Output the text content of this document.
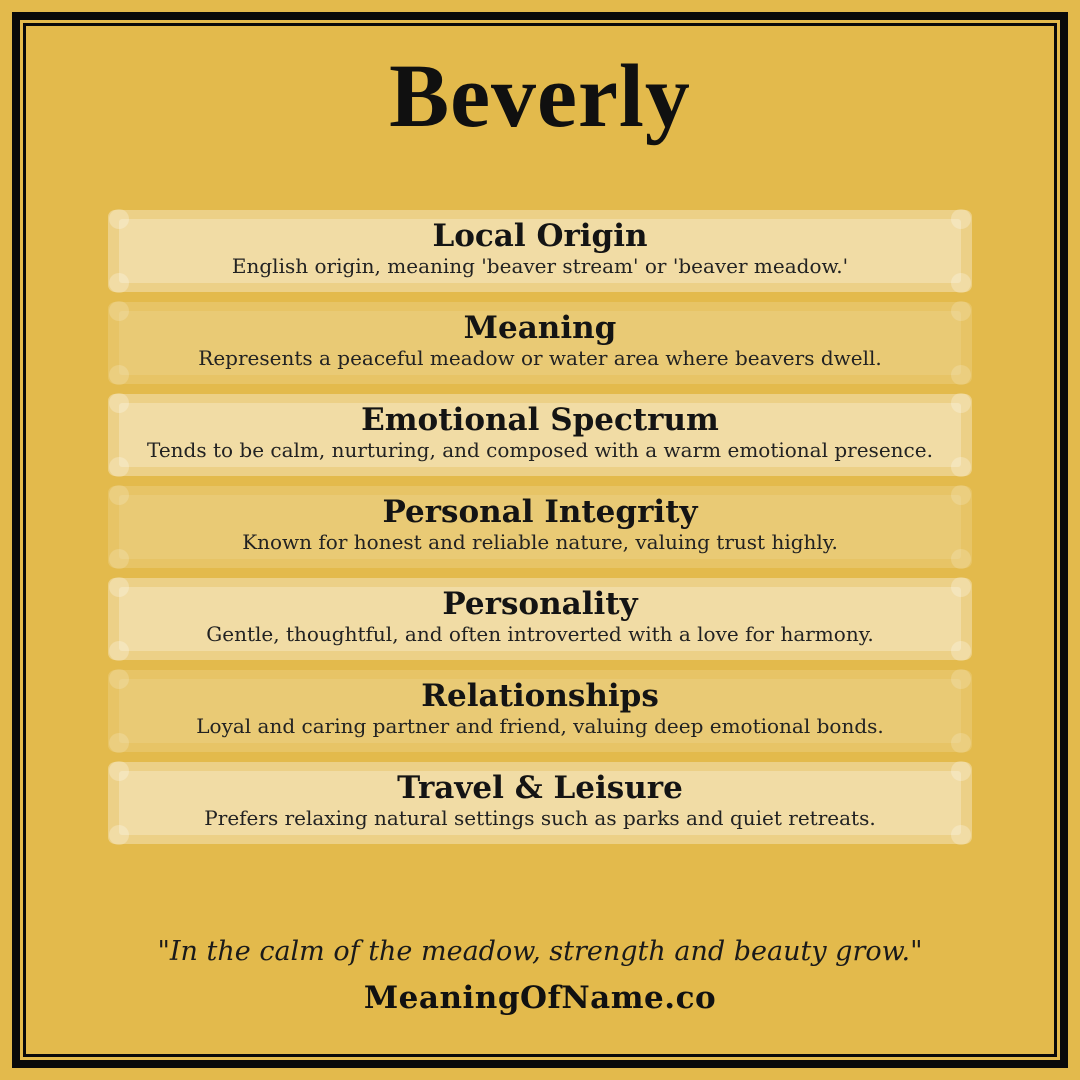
Beverly
Local Origin

English origin, meaning 'beaver stream' or 'beaver meadow.'

Meaning

Represents a peaceful meadow or water area where beavers dwell.

Emotional Spectrum

Tends to be calm, nurturing, and composed with a warm emotional presence.

Personal Integrity

Known for honest and reliable nature, valuing trust highly.

Personality

Gentle, thoughtful, and often introverted with a love for harmony.

Relationships

Loyal and caring partner and friend, valuing deep emotional bonds.

Travel & Leisure

Prefers relaxing natural settings such as parks and quiet retreats.

"In the calm of the meadow, strength and beauty grow."
MeaningOfName.co
